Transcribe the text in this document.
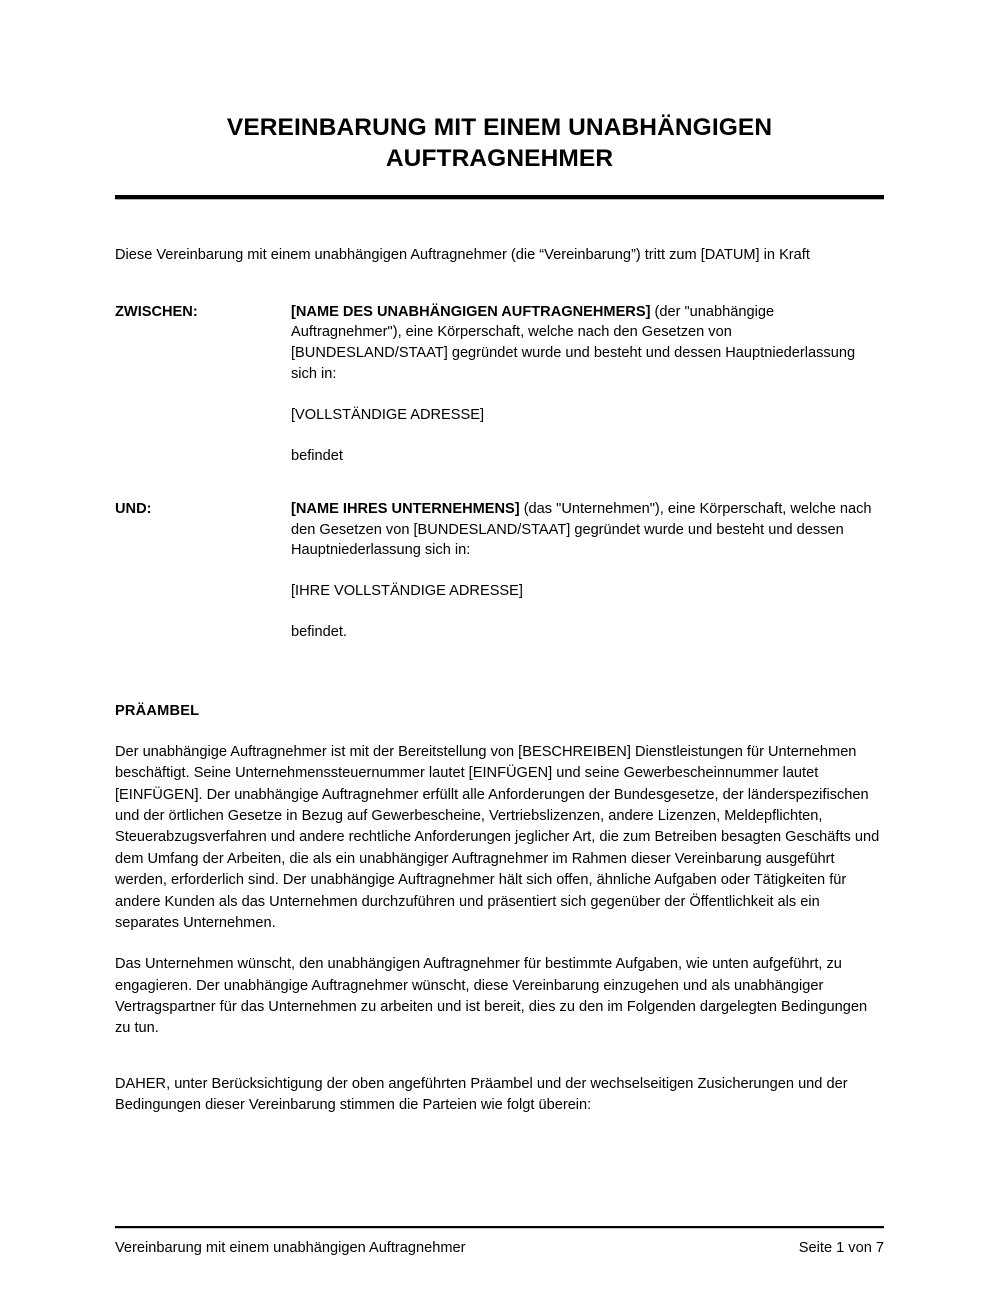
VEREINBARUNG MIT EINEM UNABHÄNGIGEN AUFTRAGNEHMER

Diese Vereinbarung mit einem unabhängigen Auftragnehmer (die “Vereinbarung”) tritt zum [DATUM] in Kraft

ZWISCHEN:	[NAME DES UNABHÄNGIGEN AUFTRAGNEHMERS] (der "unabhängige Auftragnehmer"), eine Körperschaft, welche nach den Gesetzen von [BUNDESLAND/STAAT] gegründet wurde und besteht und dessen Hauptniederlassung sich in:

[VOLLSTÄNDIGE ADRESSE]

befindet

UND:	[NAME IHRES UNTERNEHMENS] (das "Unternehmen"), eine Körperschaft, welche nach den Gesetzen von [BUNDESLAND/STAAT] gegründet wurde und besteht und dessen Hauptniederlassung sich in:

[IHRE VOLLSTÄNDIGE ADRESSE]

befindet.

PRÄAMBEL

Der unabhängige Auftragnehmer ist mit der Bereitstellung von [BESCHREIBEN] Dienstleistungen für Unternehmen beschäftigt. Seine Unternehmenssteuernummer lautet [EINFÜGEN] und seine Gewerbescheinnummer lautet [EINFÜGEN]. Der unabhängige Auftragnehmer erfüllt alle Anforderungen der Bundesgesetze, der länderspezifischen und der örtlichen Gesetze in Bezug auf Gewerbescheine, Vertriebslizenzen, andere Lizenzen, Meldepflichten, Steuerabzugsverfahren und andere rechtliche Anforderungen jeglicher Art, die zum Betreiben besagten Geschäfts und dem Umfang der Arbeiten, die als ein unabhängiger Auftragnehmer im Rahmen dieser Vereinbarung ausgeführt werden, erforderlich sind. Der unabhängige Auftragnehmer hält sich offen, ähnliche Aufgaben oder Tätigkeiten für andere Kunden als das Unternehmen durchzuführen und präsentiert sich gegenüber der Öffentlichkeit als ein separates Unternehmen.

Das Unternehmen wünscht, den unabhängigen Auftragnehmer für bestimmte Aufgaben, wie unten aufgeführt, zu engagieren. Der unabhängige Auftragnehmer wünscht, diese Vereinbarung einzugehen und als unabhängiger Vertragspartner für das Unternehmen zu arbeiten und ist bereit, dies zu den im Folgenden dargelegten Bedingungen zu tun.

DAHER, unter Berücksichtigung der oben angeführten Präambel und der wechselseitigen Zusicherungen und der Bedingungen dieser Vereinbarung stimmen die Parteien wie folgt überein:

Vereinbarung mit einem unabhängigen Auftragnehmer	Seite 1 von 7
